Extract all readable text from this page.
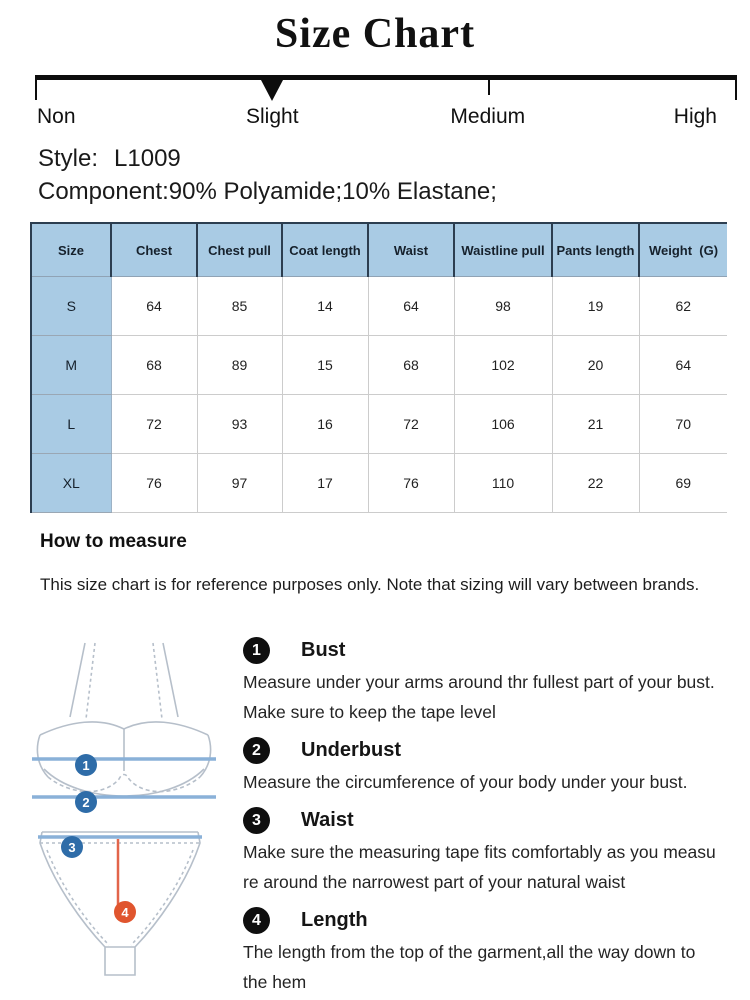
Size Chart
Non	Slight	Medium	High
Style: L1009
Component:90% Polyamide;10% Elastane;
Size	Chest	Chest pull	Coat length	Waist	Waistline pull	Pants length	Weight  (G)
S	64	85	14	64	98	19	62
M	68	89	15	68	102	20	64
L	72	93	16	72	106	21	70
XL	76	97	17	76	110	22	69
How to measure
This size chart is for reference purposes only. Note that sizing will vary between brands.
1
2
3
4
1	Bust

Measure under your arms around thr fullest part of your bust.

Make sure to keep the tape level

2	Underbust

Measure the circumference of your body under your bust.

3	Waist

Make sure the measuring tape fits comfortably as you measu

re around the narrowest part of your natural waist

4	Length

The length from the top of the garment,all the way down to

the hem
